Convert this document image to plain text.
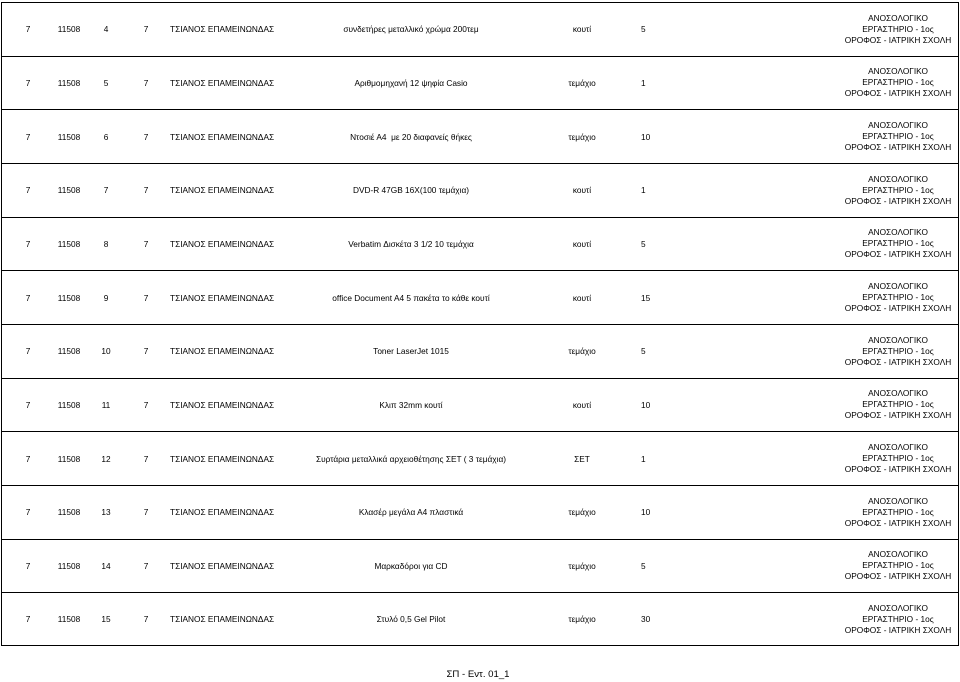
7	11508	4	7	ΤΣΙΑΝΟΣ ΕΠΑΜΕΙΝΩΝΔΑΣ	συνδετήρες μεταλλικό χρώμα 200τεμ	κουτί	5
ΑΝΟΣΟΛΟΓΙΚΟ
ΕΡΓΑΣΤΗΡΙΟ - 1ος
ΟΡΟΦΟΣ - ΙΑΤΡΙΚΗ ΣΧΟΛΗ
7	11508	5	7	ΤΣΙΑΝΟΣ ΕΠΑΜΕΙΝΩΝΔΑΣ	Αριθμομηχανή 12 ψηφία Casio	τεμάχιο	1
ΑΝΟΣΟΛΟΓΙΚΟ
ΕΡΓΑΣΤΗΡΙΟ - 1ος
ΟΡΟΦΟΣ - ΙΑΤΡΙΚΗ ΣΧΟΛΗ
7	11508	6	7	ΤΣΙΑΝΟΣ ΕΠΑΜΕΙΝΩΝΔΑΣ	Ντοσιέ Α4  με 20 διαφανείς θήκες	τεμάχιο	10
ΑΝΟΣΟΛΟΓΙΚΟ
ΕΡΓΑΣΤΗΡΙΟ - 1ος
ΟΡΟΦΟΣ - ΙΑΤΡΙΚΗ ΣΧΟΛΗ
7	11508	7	7	ΤΣΙΑΝΟΣ ΕΠΑΜΕΙΝΩΝΔΑΣ	DVD-R 47GB 16X(100 τεμάχια)	κουτί	1
ΑΝΟΣΟΛΟΓΙΚΟ
ΕΡΓΑΣΤΗΡΙΟ - 1ος
ΟΡΟΦΟΣ - ΙΑΤΡΙΚΗ ΣΧΟΛΗ
7	11508	8	7	ΤΣΙΑΝΟΣ ΕΠΑΜΕΙΝΩΝΔΑΣ	Verbatim Δισκέτα 3 1/2 10 τεμάχια	κουτί	5
ΑΝΟΣΟΛΟΓΙΚΟ
ΕΡΓΑΣΤΗΡΙΟ - 1ος
ΟΡΟΦΟΣ - ΙΑΤΡΙΚΗ ΣΧΟΛΗ
7	11508	9	7	ΤΣΙΑΝΟΣ ΕΠΑΜΕΙΝΩΝΔΑΣ	office Document A4 5 πακέτα το κάθε κουτί	κουτί	15
ΑΝΟΣΟΛΟΓΙΚΟ
ΕΡΓΑΣΤΗΡΙΟ - 1ος
ΟΡΟΦΟΣ - ΙΑΤΡΙΚΗ ΣΧΟΛΗ
7	11508	10	7	ΤΣΙΑΝΟΣ ΕΠΑΜΕΙΝΩΝΔΑΣ	Toner LaserJet 1015	τεμάχιο	5
ΑΝΟΣΟΛΟΓΙΚΟ
ΕΡΓΑΣΤΗΡΙΟ - 1ος
ΟΡΟΦΟΣ - ΙΑΤΡΙΚΗ ΣΧΟΛΗ
7	11508	11	7	ΤΣΙΑΝΟΣ ΕΠΑΜΕΙΝΩΝΔΑΣ	Κλιπ 32mm κουτί	κουτί	10
ΑΝΟΣΟΛΟΓΙΚΟ
ΕΡΓΑΣΤΗΡΙΟ - 1ος
ΟΡΟΦΟΣ - ΙΑΤΡΙΚΗ ΣΧΟΛΗ
7	11508	12	7	ΤΣΙΑΝΟΣ ΕΠΑΜΕΙΝΩΝΔΑΣ	Συρτάρια μεταλλικά αρχειοθέτησης ΣΕΤ ( 3 τεμάχια)	ΣΕΤ	1
ΑΝΟΣΟΛΟΓΙΚΟ
ΕΡΓΑΣΤΗΡΙΟ - 1ος
ΟΡΟΦΟΣ - ΙΑΤΡΙΚΗ ΣΧΟΛΗ
7	11508	13	7	ΤΣΙΑΝΟΣ ΕΠΑΜΕΙΝΩΝΔΑΣ	Κλασέρ μεγάλα Α4 πλαστικά	τεμάχιο	10
ΑΝΟΣΟΛΟΓΙΚΟ
ΕΡΓΑΣΤΗΡΙΟ - 1ος
ΟΡΟΦΟΣ - ΙΑΤΡΙΚΗ ΣΧΟΛΗ
7	11508	14	7	ΤΣΙΑΝΟΣ ΕΠΑΜΕΙΝΩΝΔΑΣ	Μαρκαδόροι για CD	τεμάχιο	5
ΑΝΟΣΟΛΟΓΙΚΟ
ΕΡΓΑΣΤΗΡΙΟ - 1ος
ΟΡΟΦΟΣ - ΙΑΤΡΙΚΗ ΣΧΟΛΗ
7	11508	15	7	ΤΣΙΑΝΟΣ ΕΠΑΜΕΙΝΩΝΔΑΣ	Στυλό 0,5 Gel Pilot	τεμάχιο	30
ΑΝΟΣΟΛΟΓΙΚΟ
ΕΡΓΑΣΤΗΡΙΟ - 1ος
ΟΡΟΦΟΣ - ΙΑΤΡΙΚΗ ΣΧΟΛΗ
ΣΠ - Εντ. 01_1
